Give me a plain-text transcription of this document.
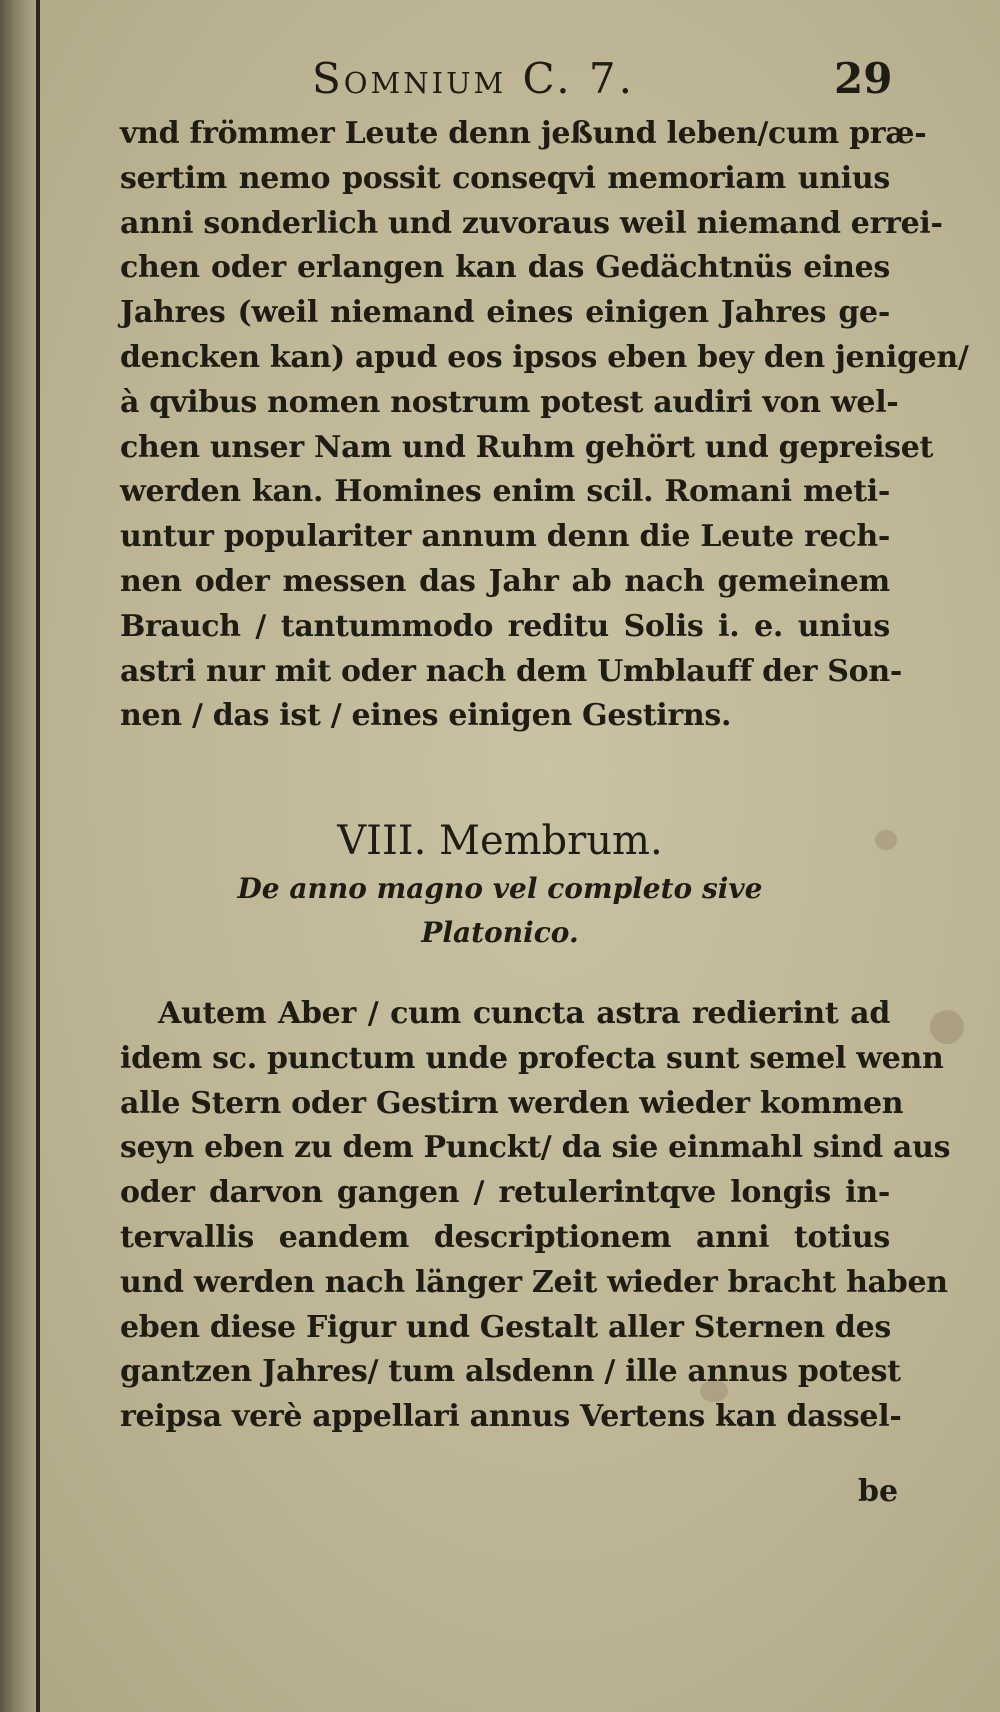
Somnium C. 7.	29
vnd frömmer Leute denn jeßund leben/cum præ-
sertim nemo possit conseqvi memoriam unius
anni sonderlich und zuvoraus weil niemand errei-
chen oder erlangen kan das Gedächtnüs eines
Jahres (weil niemand eines einigen Jahres ge-
dencken kan) apud eos ipsos eben bey den jenigen/
à qvibus nomen nostrum potest audiri von wel-
chen unser Nam und Ruhm gehört und gepreiset
werden kan. Homines enim scil. Romani meti-
untur populariter annum denn die Leute rech-
nen oder messen das Jahr ab nach gemeinem
Brauch / tantummodo reditu Solis i. e. unius
astri nur mit oder nach dem Umblauff der Son-
nen / das ist / eines einigen Gestirns.
VIII. Membrum.
De anno magno vel completo sive
Platonico.
Autem Aber / cum cuncta astra redierint ad
idem sc. punctum unde profecta sunt semel wenn
alle Stern oder Gestirn werden wieder kommen
seyn eben zu dem Punckt/ da sie einmahl sind aus
oder darvon gangen / retulerintqve longis in-
tervallis eandem descriptionem anni totius
und werden nach länger Zeit wieder bracht haben
eben diese Figur und Gestalt aller Sternen des
gantzen Jahres/ tum alsdenn / ille annus potest
reipsa verè appellari annus Vertens kan dassel-
be
